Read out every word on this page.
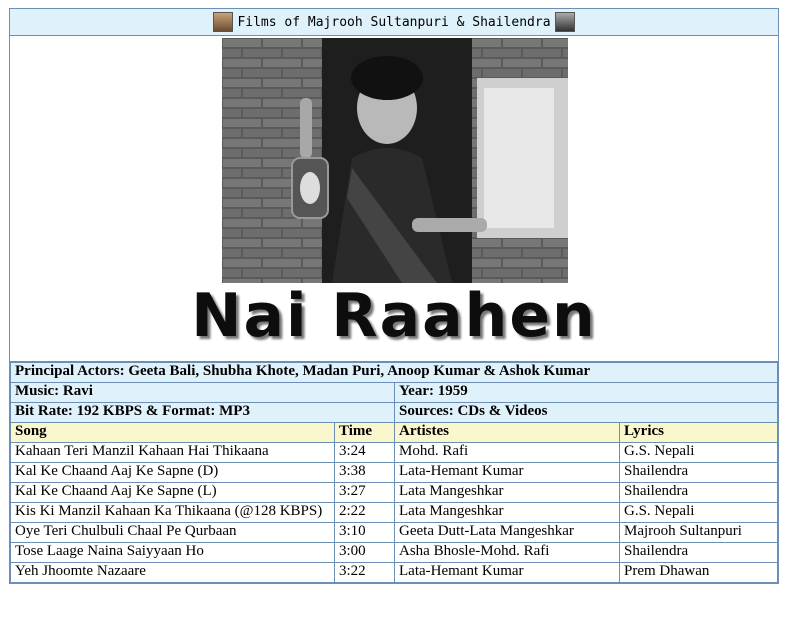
Films of Majrooh Sultanpuri & Shailendra
Nai Raahen
Principal Actors: Geeta Bali, Shubha Khote, Madan Puri, Anoop Kumar & Ashok Kumar			
Music: Ravi		Year: 1959	
Bit Rate: 192 KBPS & Format: MP3		Sources: CDs & Videos	
Song	Time	Artistes	Lyrics
Kahaan Teri Manzil Kahaan Hai Thikaana	3:24	Mohd. Rafi	G.S. Nepali
Kal Ke Chaand Aaj Ke Sapne (D)	3:38	Lata-Hemant Kumar	Shailendra
Kal Ke Chaand Aaj Ke Sapne (L)	3:27	Lata Mangeshkar	Shailendra
Kis Ki Manzil Kahaan Ka Thikaana (@128 KBPS)	2:22	Lata Mangeshkar	G.S. Nepali
Oye Teri Chulbuli Chaal Pe Qurbaan	3:10	Geeta Dutt-Lata Mangeshkar	Majrooh Sultanpuri
Tose Laage Naina Saiyyaan Ho	3:00	Asha Bhosle-Mohd. Rafi	Shailendra
Yeh Jhoomte Nazaare	3:22	Lata-Hemant Kumar	Prem Dhawan
